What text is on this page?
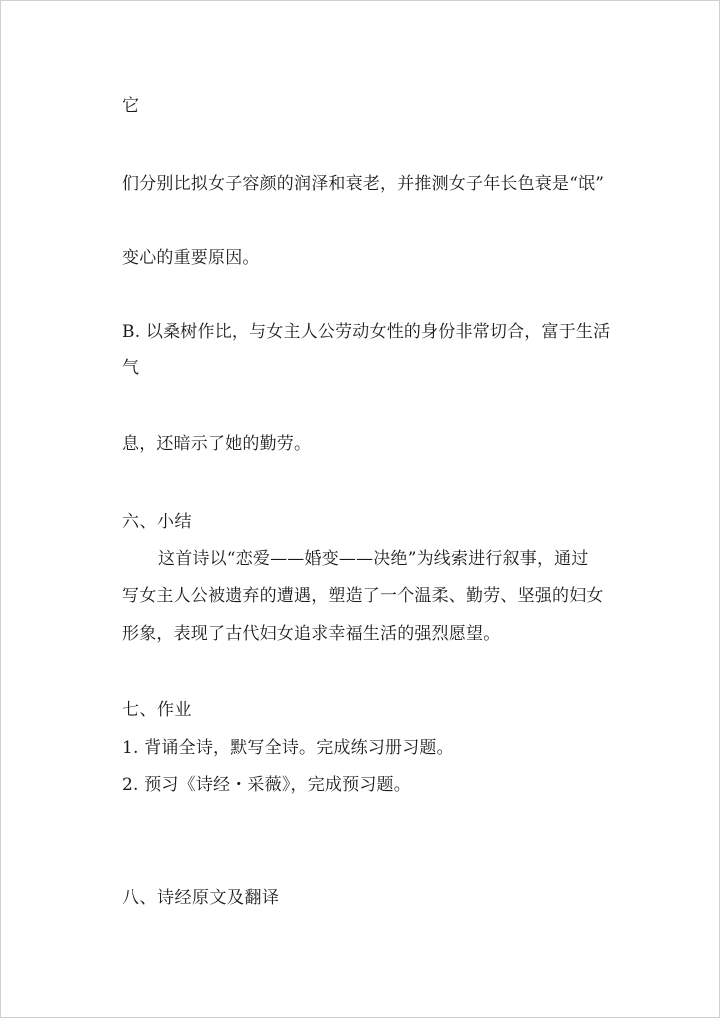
它
们分别比拟女子容颜的润泽和衰老，并推测女子年长色衰是“氓”
变心的重要原因。
B. 以桑树作比，与女主人公劳动女性的身份非常切合，富于生活
气
息，还暗示了她的勤劳。
六、小结
这首诗以“恋爱——婚变——决绝”为线索进行叙事，通过
写女主人公被遗弃的遭遇，塑造了一个温柔、勤劳、坚强的妇女
形象，表现了古代妇女追求幸福生活的强烈愿望。
七、作业
1. 背诵全诗，默写全诗。完成练习册习题。
2. 预习《诗经・采薇》，完成预习题。
八、诗经原文及翻译
